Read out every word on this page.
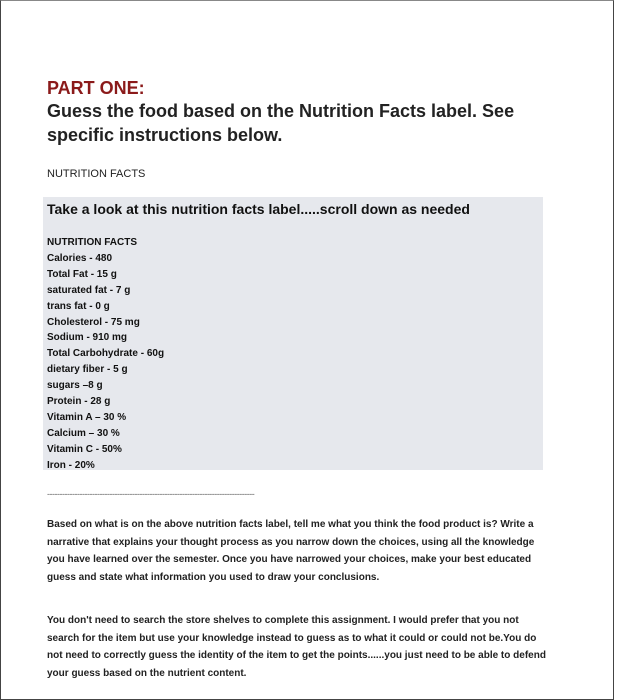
PART ONE:
Guess the food based on the Nutrition Facts label. See specific instructions below.
NUTRITION FACTS
Take a look at this nutrition facts label.....scroll down as needed
NUTRITION FACTS
Calories - 480
Total Fat - 15 g
saturated fat - 7 g
trans fat - 0 g
Cholesterol - 75 mg
Sodium - 910 mg
Total Carbohydrate - 60g
dietary fiber - 5 g
sugars –8 g
Protein - 28 g
Vitamin A – 30 %
Calcium – 30 %
Vitamin C - 50%
Iron - 20%
-----------------------------------------------------------------------------------

Based on what is on the above nutrition facts label, tell me what you think the food product is? Write a narrative that explains your thought process as you narrow down the choices, using all the knowledge you have learned over the semester. Once you have narrowed your choices, make your best educated guess and state what information you used to draw your conclusions.

You don't need to search the store shelves to complete this assignment. I would prefer that you not search for the item but use your knowledge instead to guess as to what it could or could not be.You do not need to correctly guess the identity of the item to get the points......you just need to be able to defend your guess based on the nutrient content.
